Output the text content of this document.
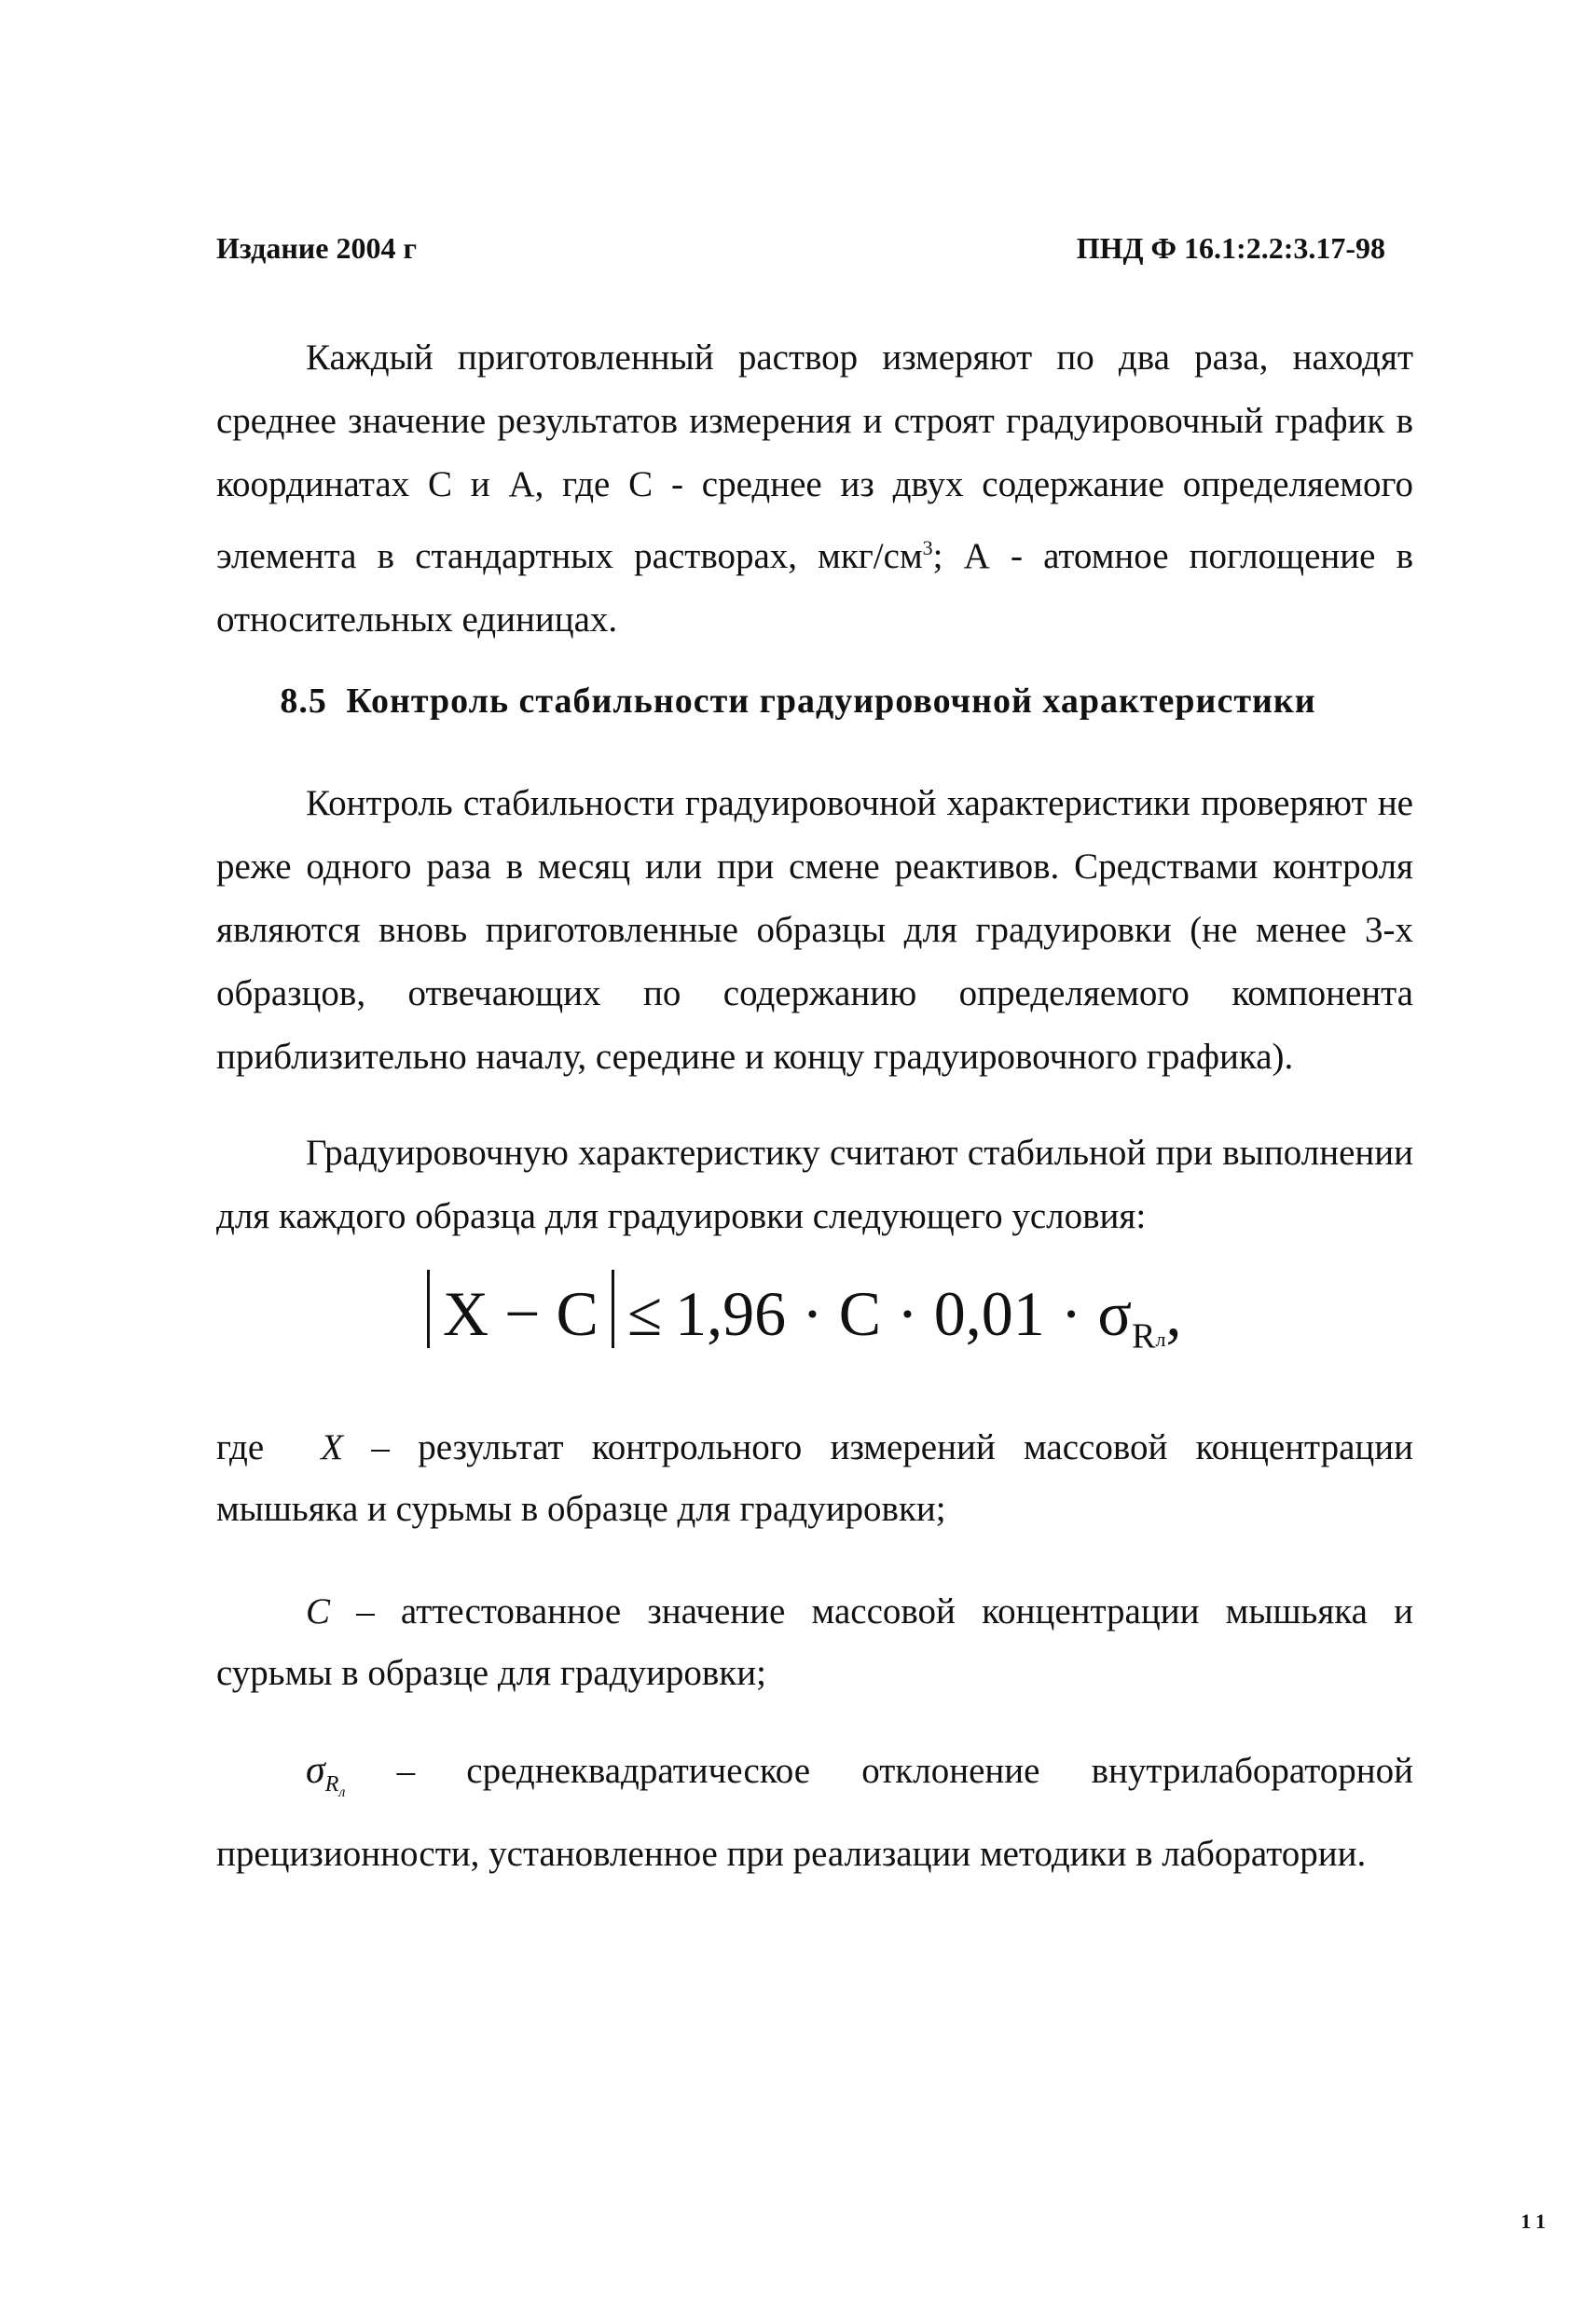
Издание 2004 г	ПНД Ф 16.1:2.2:3.17-98
Каждый приготовленный раствор измеряют по два раза, находят среднее значение результатов измерения и строят градуировочный график в координатах С и А, где С - среднее из двух содержание определяемого элемента в стандартных растворах, мкг/$см^3$; А - атомное поглощение в относительных единицах.
8.5 Контроль стабильности градуировочной характеристики
Контроль стабильности градуировочной характеристики проверяют не реже одного раза в месяц или при смене реактивов. Средствами контроля являются вновь приготовленные образцы для градуировки (не менее 3-х образцов, отвечающих по содержанию определяемого компонента приблизительно началу, середине и концу градуировочного графика).
Градуировочную характеристику считают стабильной при выполнении для каждого образца для градуировки следующего условия:
X − C ≤ 1,96 · C · 0,01 · σRл,
где X – результат контрольного измерений массовой концентрации мышьяка и сурьмы в образце для градуировки;
C – аттестованное значение массовой концентрации мышьяка и сурьмы в образце для градуировки;
$\sigma_{R_л}$ – среднеквадратическое отклонение внутрилабораторной прецизионности, установленное при реализации методики в лаборатории.
11
